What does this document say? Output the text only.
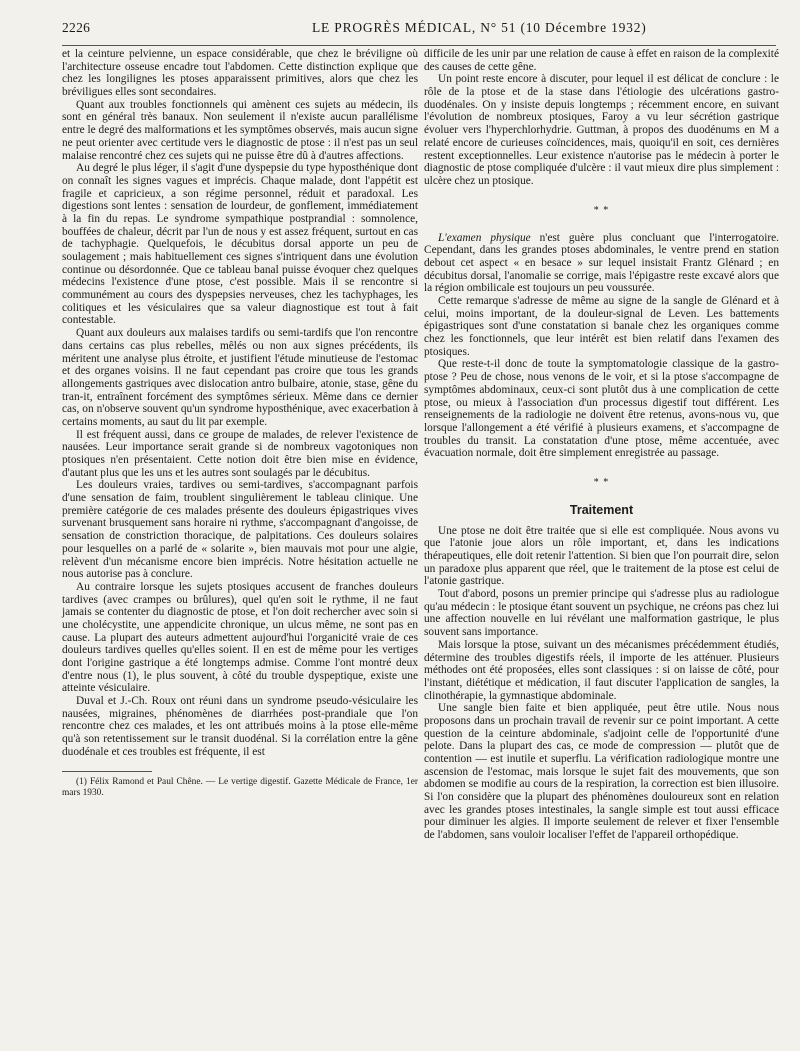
2226	LE PROGRÈS MÉDICAL, N° 51 (10 Décembre 1932)

et la ceinture pelvienne, un espace considérable, que chez le bréviligne où l'architecture osseuse encadre tout l'abdomen. Cette distinction explique que chez les longilignes les ptoses apparaissent primitives, alors que chez les bréviligues elles sont secondaires.

Quant aux troubles fonctionnels qui amènent ces sujets au médecin, ils sont en général très banaux. Non seulement il n'existe aucun parallélisme entre le degré des malformations et les symptômes observés, mais aucun signe ne peut orienter avec certitude vers le diagnostic de ptose : il n'est pas un seul malaise rencontré chez ces sujets qui ne puisse être dû à d'autres affections.

Au degré le plus léger, il s'agit d'une dyspepsie du type hyposthénique dont on connaît les signes vagues et imprécis. Chaque malade, dont l'appétit est fragile et capricieux, a son régime personnel, réduit et paradoxal. Les digestions sont lentes : sensation de lourdeur, de gonflement, immédiatement à la fin du repas. Le syndrome sympathique postprandial : somnolence, bouffées de chaleur, décrit par l'un de nous y est assez fréquent, surtout en cas de tachyphagie. Quelquefois, le décubitus dorsal apporte un peu de soulagement ; mais habituellement ces signes s'intriquent dans une évolution continue ou désordonnée. Que ce tableau banal puisse évoquer chez quelques médecins l'existence d'une ptose, c'est possible. Mais il se rencontre si communément au cours des dyspepsies nerveuses, chez les tachyphages, les colitiques et les vésiculaires que sa valeur diagnostique est tout à fait contestable.

Quant aux douleurs aux malaises tardifs ou semi-tardifs que l'on rencontre dans certains cas plus rebelles, mêlés ou non aux signes précédents, ils méritent une analyse plus étroite, et justifient l'étude minutieuse de l'estomac et des organes voisins. Il ne faut cependant pas croire que tous les grands allongements gastriques avec dislocation antro bulbaire, atonie, stase, gêne du tran-it, entraînent forcément des symptômes sérieux. Même dans ce dernier cas, on n'observe souvent qu'un syndrome hyposthénique, avec exacerbation à certains moments, au saut du lit par exemple.

Il est fréquent aussi, dans ce groupe de malades, de relever l'existence de nausées. Leur importance serait grande si de nombreux vagotoniques non ptosiques n'en présentaient. Cette notion doit être bien mise en évidence, d'autant plus que les uns et les autres sont soulagés par le décubitus.

Les douleurs vraies, tardives ou semi-tardives, s'accompagnant parfois d'une sensation de faim, troublent singulièrement le tableau clinique. Une première catégorie de ces malades présente des douleurs épigastriques vives survenant brusquement sans horaire ni rythme, s'accompagnant d'angoisse, de sensation de constriction thoracique, de palpitations. Ces douleurs solaires pour lesquelles on a parlé de « solarite », bien mauvais mot pour une algie, relèvent d'un mécanisme encore bien imprécis. Notre hésitation actuelle ne nous autorise pas à conclure.

Au contraire lorsque les sujets ptosiques accusent de franches douleurs tardives (avec crampes ou brûlures), quel qu'en soit le rythme, il ne faut jamais se contenter du diagnostic de ptose, et l'on doit rechercher avec soin si une cholécystite, une appendicite chronique, un ulcus même, ne sont pas en cause. La plupart des auteurs admettent aujourd'hui l'organicité vraie de ces douleurs tardives quelles qu'elles soient. Il en est de même pour les vertiges dont l'origine gastrique a été longtemps admise. Comme l'ont montré deux d'entre nous (1), le plus souvent, à côté du trouble dyspeptique, existe une atteinte vésiculaire.

Duval et J.-Ch. Roux ont réuni dans un syndrome pseudo-vésiculaire les nausées, migraines, phénomènes de diarrhées post-prandiale que l'on rencontre chez ces malades, et les ont attribués moins à la ptose elle-même qu'à son retentissement sur le transit duodénal. Si la corrélation entre la gêne duodénale et ces troubles est fréquente, il est

(1) Félix Ramond et Paul Chêne. — Le vertige digestif. Gazette Médicale de France, 1er mars 1930.

difficile de les unir par une relation de cause à effet en raison de la complexité des causes de cette gêne.

Un point reste encore à discuter, pour lequel il est délicat de conclure : le rôle de la ptose et de la stase dans l'étiologie des ulcérations gastro-duodénales. On y insiste depuis longtemps ; récemment encore, en suivant l'évolution de nombreux ptosiques, Faroy a vu leur sécrétion gastrique évoluer vers l'hyperchlorhydrie. Guttman, à propos des duodénums en M a relaté encore de curieuses coïncidences, mais, quoiqu'il en soit, ces dernières restent exceptionnelles. Leur existence n'autorise pas le médecin à porter le diagnostic de ptose compliquée d'ulcère : il vaut mieux dire plus simplement : ulcère chez un ptosique.

* *

L'examen physique n'est guère plus concluant que l'interrogatoire. Cependant, dans les grandes ptoses abdominales, le ventre prend en station debout cet aspect « en besace » sur lequel insistait Frantz Glénard ; en décubitus dorsal, l'anomalie se corrige, mais l'épigastre reste excavé alors que la région ombilicale est toujours un peu voussurée.

Cette remarque s'adresse de même au signe de la sangle de Glénard et à celui, moins important, de la douleur-signal de Leven. Les battements épigastriques sont d'une constatation si banale chez les organiques comme chez les fonctionnels, que leur intérêt est bien relatif dans l'examen des ptosiques.

Que reste-t-il donc de toute la symptomatologie classique de la gastro-ptose ? Peu de chose, nous venons de le voir, et si la ptose s'accompagne de symptômes abdominaux, ceux-ci sont plutôt dus à une complication de cette ptose, ou mieux à l'association d'un processus digestif tout différent. Les renseignements de la radiologie ne doivent être retenus, avons-nous vu, que lorsque l'allongement a été vérifié à plusieurs examens, et s'accompagne de troubles du transit. La constatation d'une ptose, même accentuée, avec évacuation normale, doit être simplement enregistrée au passage.

* *
Traitement

Une ptose ne doit être traitée que si elle est compliquée. Nous avons vu que l'atonie joue alors un rôle important, et, dans les indications thérapeutiques, elle doit retenir l'attention. Si bien que l'on pourrait dire, selon un paradoxe plus apparent que réel, que le traitement de la ptose est celui de l'atonie gastrique.

Tout d'abord, posons un premier principe qui s'adresse plus au radiologue qu'au médecin : le ptosique étant souvent un psychique, ne créons pas chez lui une affection nouvelle en lui révélant une malformation gastrique, le plus souvent sans importance.

Mais lorsque la ptose, suivant un des mécanismes précédemment étudiés, détermine des troubles digestifs réels, il importe de les atténuer. Plusieurs méthodes ont été proposées, elles sont classiques : si on laisse de côté, pour l'instant, diététique et médication, il faut discuter l'application de sangles, la clinothérapie, la gymnastique abdominale.

Une sangle bien faite et bien appliquée, peut être utile. Nous nous proposons dans un prochain travail de revenir sur ce point important. A cette question de la ceinture abdominale, s'adjoint celle de l'opportunité d'une pelote. Dans la plupart des cas, ce mode de compression — plutôt que de contention — est inutile et superflu. La vérification radiologique montre une ascension de l'estomac, mais lorsque le sujet fait des mouvements, que son abdomen se modifie au cours de la respiration, la correction est bien illusoire. Si l'on considère que la plupart des phénomènes douloureux sont en relation avec les grandes ptoses intestinales, la sangle simple est tout aussi efficace pour diminuer les algies. Il importe seulement de relever et fixer l'ensemble de l'abdomen, sans vouloir localiser l'effet de l'appareil orthopédique.
